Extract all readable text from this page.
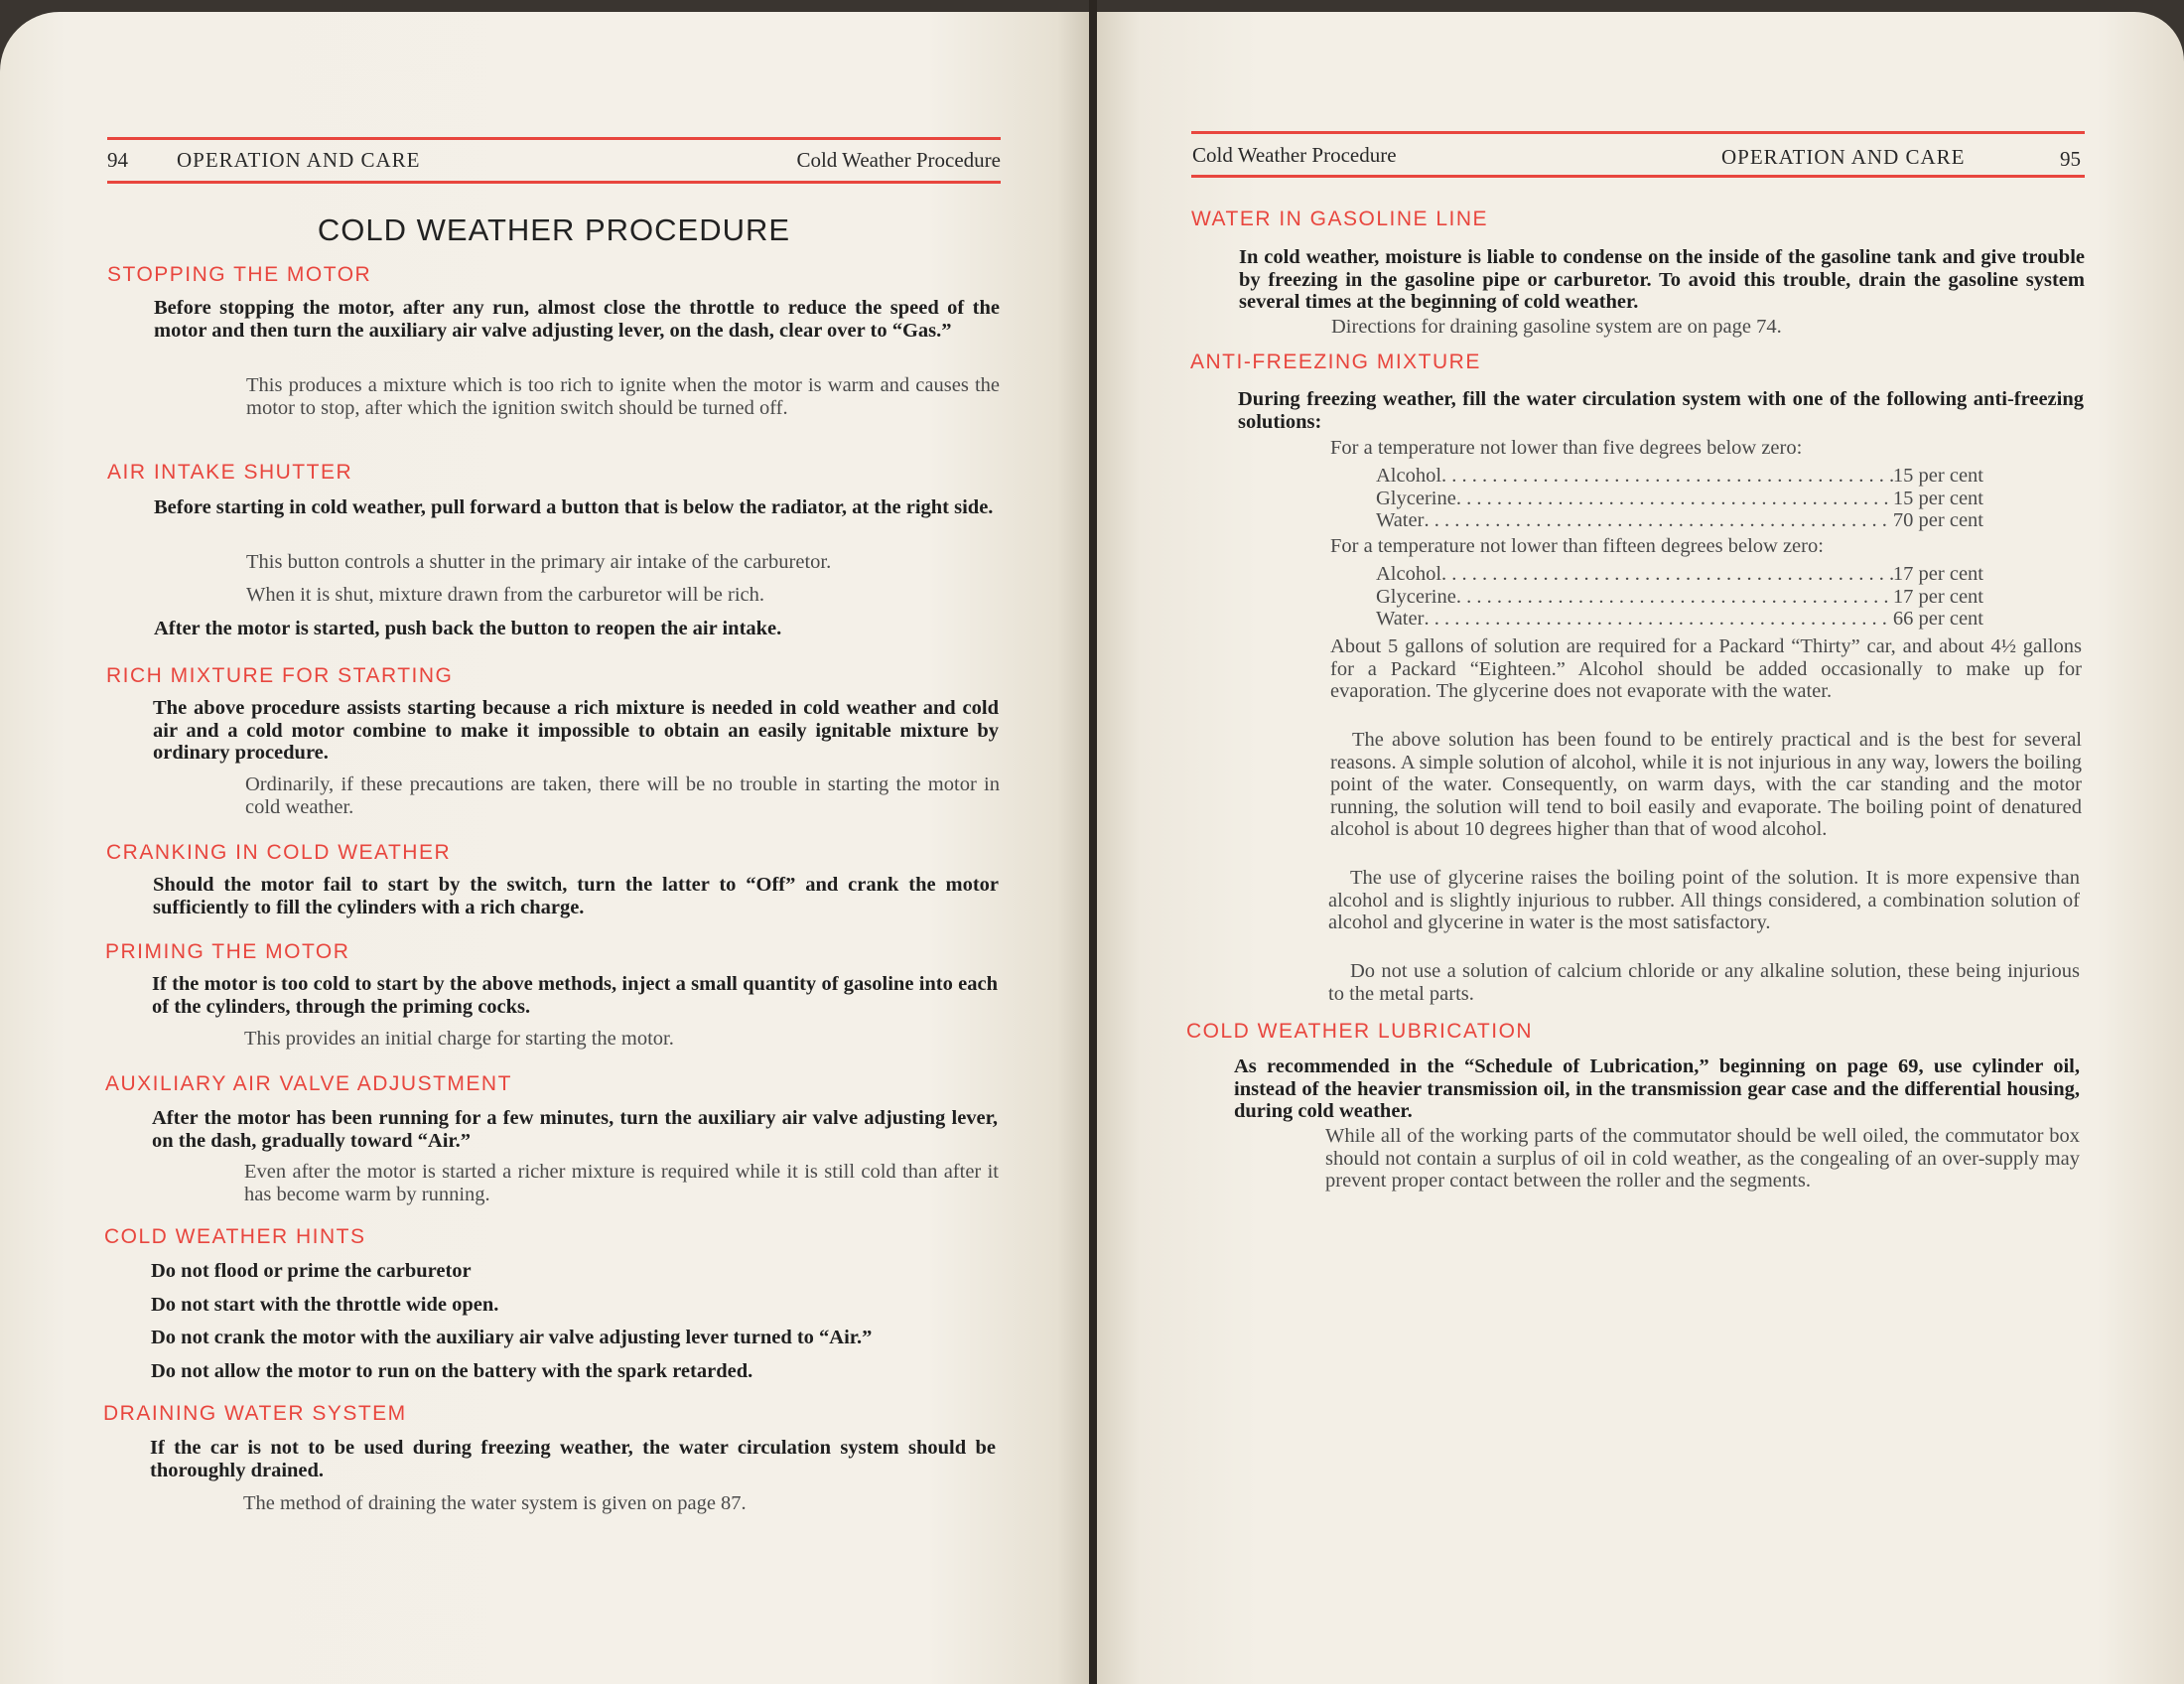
94 OPERATION AND CARE	Cold Weather Procedure
COLD WEATHER PROCEDURE
STOPPING THE MOTOR
Before stopping the motor, after any run, almost close the throttle to reduce the speed of the motor and then turn the auxiliary air valve adjusting lever, on the dash, clear over to “Gas.”
This produces a mixture which is too rich to ignite when the motor is warm and causes the motor to stop, after which the ignition switch should be turned off.
AIR INTAKE SHUTTER
Before starting in cold weather, pull forward a button that is below the radiator, at the right side.
This button controls a shutter in the primary air intake of the carburetor.
When it is shut, mixture drawn from the carburetor will be rich.
After the motor is started, push back the button to reopen the air intake.
RICH MIXTURE FOR STARTING
The above procedure assists starting because a rich mixture is needed in cold weather and cold air and a cold motor combine to make it impossible to obtain an easily ignitable mixture by ordinary procedure.
Ordinarily, if these precautions are taken, there will be no trouble in starting the motor in cold weather.
CRANKING IN COLD WEATHER
Should the motor fail to start by the switch, turn the latter to “Off” and crank the motor sufficiently to fill the cylinders with a rich charge.
PRIMING THE MOTOR
If the motor is too cold to start by the above methods, inject a small quantity of gasoline into each of the cylinders, through the priming cocks.
This provides an initial charge for starting the motor.
AUXILIARY AIR VALVE ADJUSTMENT
After the motor has been running for a few minutes, turn the auxiliary air valve adjusting lever, on the dash, gradually toward “Air.”
Even after the motor is started a richer mixture is required while it is still cold than after it has become warm by running.
COLD WEATHER HINTS
Do not flood or prime the carburetor
Do not start with the throttle wide open.
Do not crank the motor with the auxiliary air valve adjusting lever turned to “Air.”
Do not allow the motor to run on the battery with the spark retarded.
DRAINING WATER SYSTEM
If the car is not to be used during freezing weather, the water circulation system should be thoroughly drained.
The method of draining the water system is given on page 87.
Cold Weather Procedure	OPERATION AND CARE	95
WATER IN GASOLINE LINE
In cold weather, moisture is liable to condense on the inside of the gasoline tank and give trouble by freezing in the gasoline pipe or carburetor. To avoid this trouble, drain the gasoline system several times at the beginning of cold weather.
Directions for draining gasoline system are on page 74.
ANTI-FREEZING MIXTURE
During freezing weather, fill the water circulation system with one of the following anti-freezing solutions:
For a temperature not lower than five degrees below zero:
Alcohol . . .	15 per cent
Glycerine . . .	15 per cent
Water . . .	70 per cent
For a temperature not lower than fifteen degrees below zero:
Alcohol . . .	17 per cent
Glycerine . . .	17 per cent
Water . . .	66 per cent
About 5 gallons of solution are required for a Packard “Thirty” car, and about 4½ gallons for a Packard “Eighteen.” Alcohol should be added occasionally to make up for evaporation. The glycerine does not evaporate with the water.
The above solution has been found to be entirely practical and is the best for several reasons. A simple solution of alcohol, while it is not injurious in any way, lowers the boiling point of the water. Consequently, on warm days, with the car standing and the motor running, the solution will tend to boil easily and evaporate. The boiling point of denatured alcohol is about 10 degrees higher than that of wood alcohol.
The use of glycerine raises the boiling point of the solution. It is more expensive than alcohol and is slightly injurious to rubber. All things considered, a combination solution of alcohol and glycerine in water is the most satisfactory.
Do not use a solution of calcium chloride or any alkaline solution, these being injurious to the metal parts.
COLD WEATHER LUBRICATION
As recommended in the “Schedule of Lubrication,” beginning on page 69, use cylinder oil, instead of the heavier transmission oil, in the transmission gear case and the differential housing, during cold weather.
While all of the working parts of the commutator should be well oiled, the commutator box should not contain a surplus of oil in cold weather, as the congealing of an over-supply may prevent proper contact between the roller and the segments.
